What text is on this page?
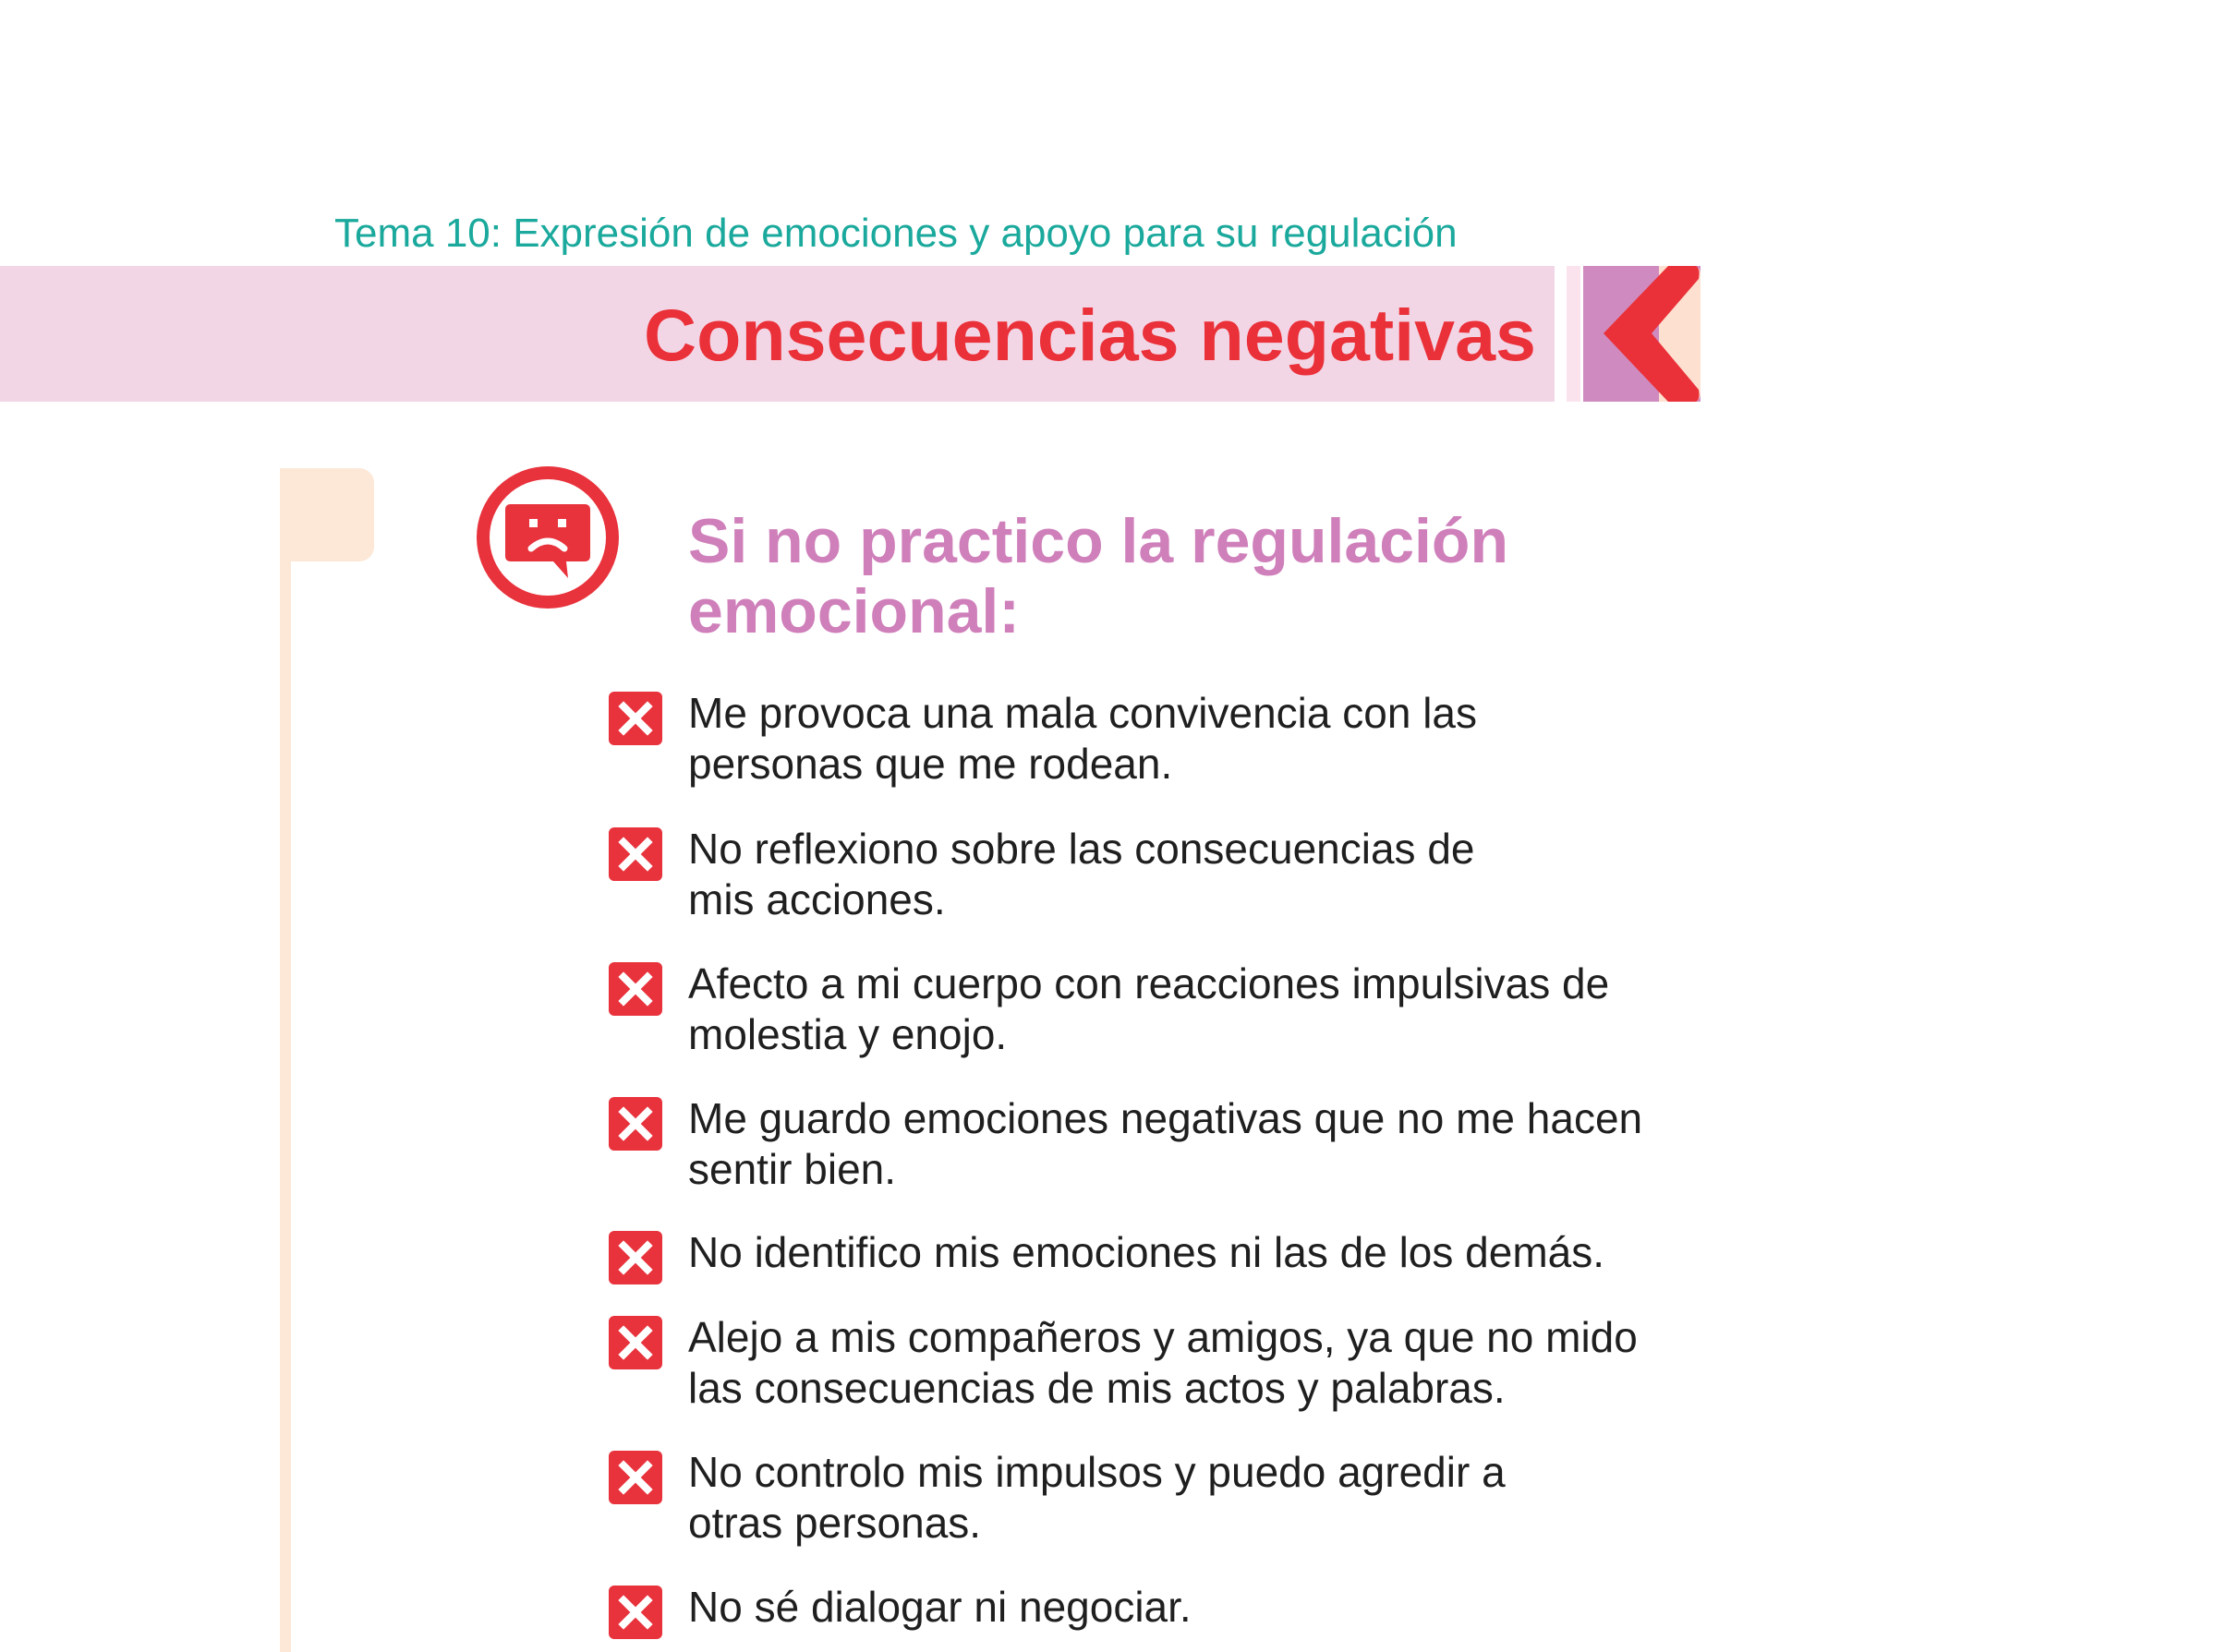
Tema 10: Expresión de emociones y apoyo para su regulación
Consecuencias negativas
Si no practico la regulación
emocional:
Me provoca una mala convivencia con las
personas que me rodean.
No reflexiono sobre las consecuencias de
mis acciones.
Afecto a mi cuerpo con reacciones impulsivas de
molestia y enojo.
Me guardo emociones negativas que no me hacen
sentir bien.
No identifico mis emociones ni las de los demás.
Alejo a mis compañeros y amigos, ya que no mido
las consecuencias de mis actos y palabras.
No controlo mis impulsos y puedo agredir a
otras personas.
No sé dialogar ni negociar.
